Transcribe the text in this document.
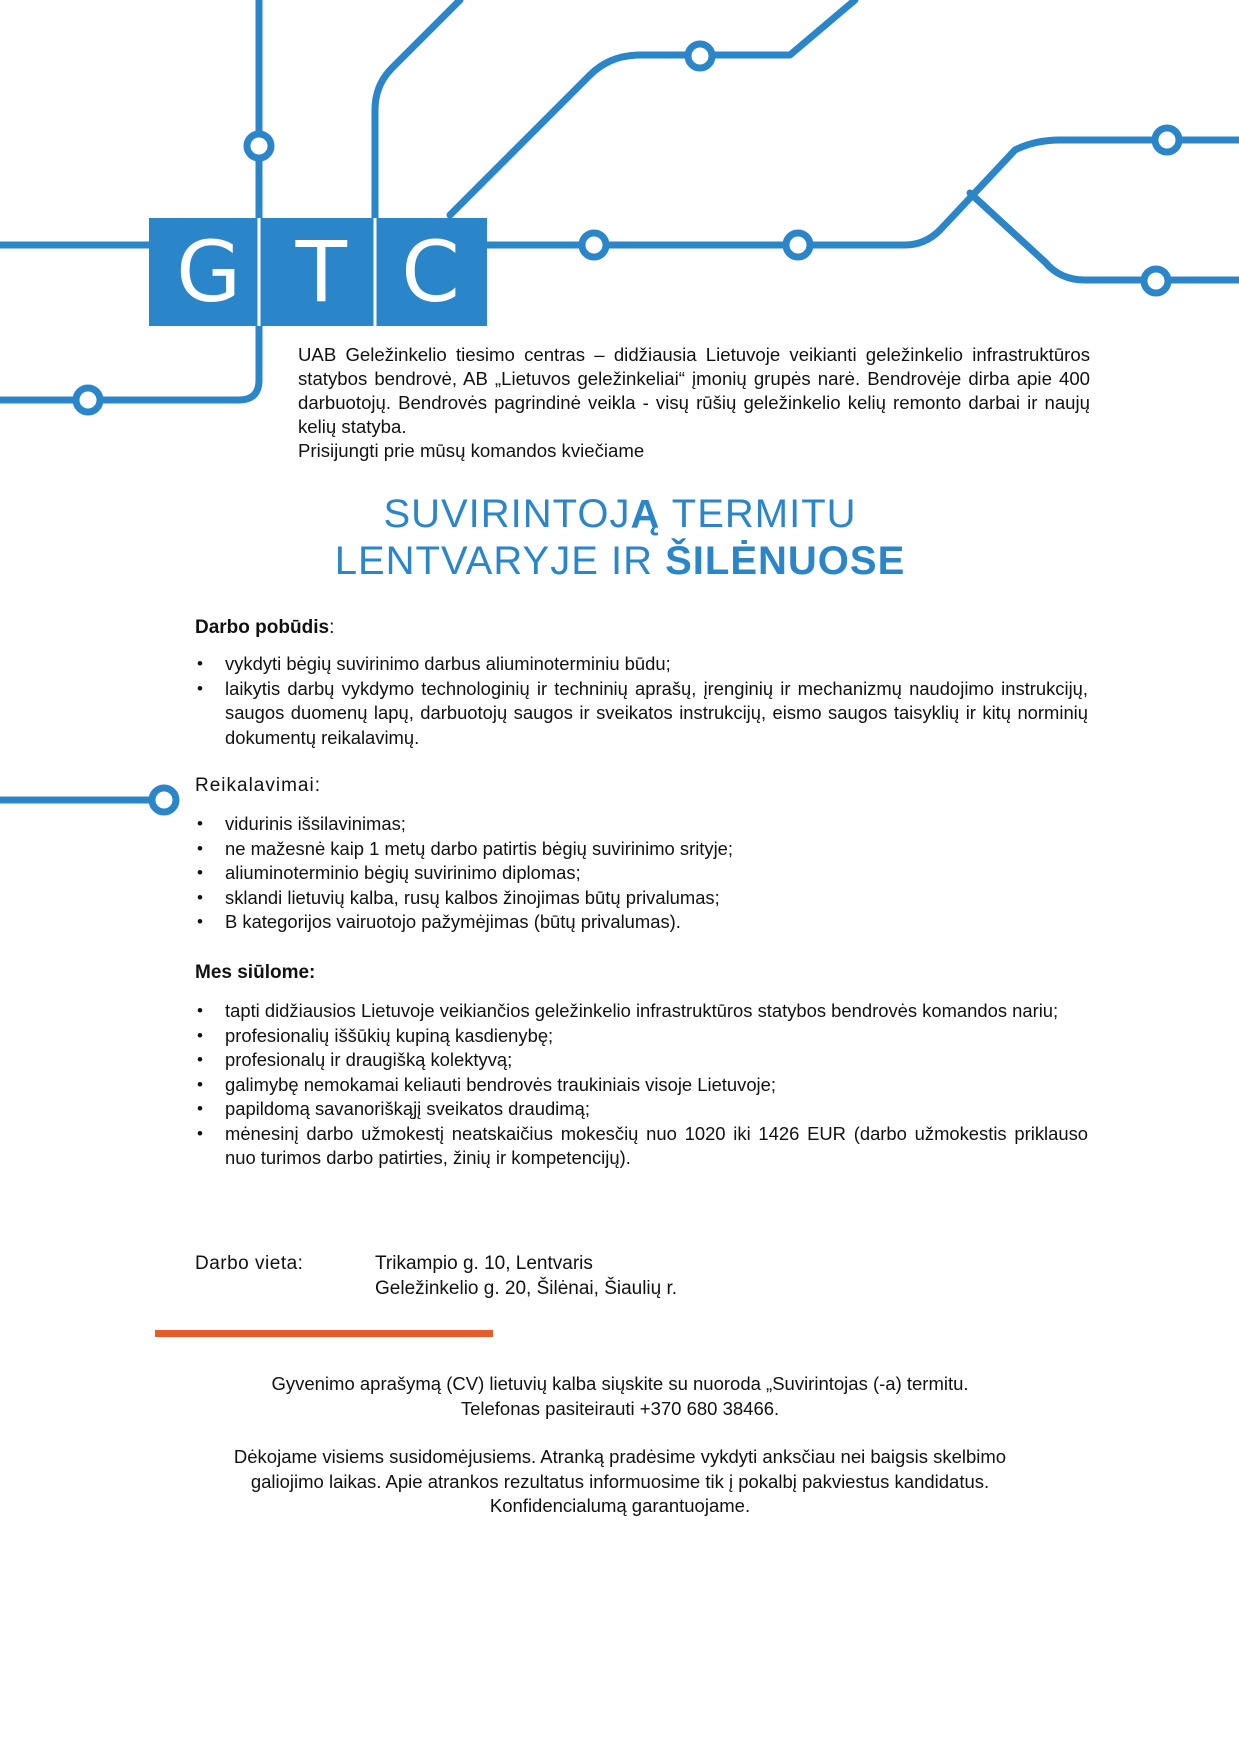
G T C

UAB Geležinkelio tiesimo centras – didžiausia Lietuvoje veikianti geležinkelio infrastruktūros statybos bendrovė, AB „Lietuvos geležinkeliai“ įmonių grupės narė. Bendrovėje dirba apie 400 darbuotojų. Bendrovės pagrindinė veikla - visų rūšių geležinkelio kelių remonto darbai ir naujų kelių statyba.

Prisijungti prie mūsų komandos kviečiame

SUVIRINTOJĄ TERMITU
LENTVARYJE IR ŠILĖNUOSE
Darbo pobūdis:
• vykdyti bėgių suvirinimo darbus aliuminoterminiu būdu;
• laikytis darbų vykdymo technologinių ir techninių aprašų, įrenginių ir mechanizmų naudojimo instrukcijų, saugos duomenų lapų, darbuotojų saugos ir sveikatos instrukcijų, eismo saugos taisyklių ir kitų norminių dokumentų reikalavimų.
Reikalavimai:
• vidurinis išsilavinimas;
• ne mažesnė kaip 1 metų darbo patirtis bėgių suvirinimo srityje;
• aliuminoterminio bėgių suvirinimo diplomas;
• sklandi lietuvių kalba, rusų kalbos žinojimas būtų privalumas;
• B kategorijos vairuotojo pažymėjimas (būtų privalumas).
Mes siūlome:
• tapti didžiausios Lietuvoje veikiančios geležinkelio infrastruktūros statybos bendrovės komandos nariu;
• profesionalių iššūkių kupiną kasdienybę;
• profesionalų ir draugišką kolektyvą;
• galimybę nemokamai keliauti bendrovės traukiniais visoje Lietuvoje;
• papildomą savanoriškąjį sveikatos draudimą;
• mėnesinį darbo užmokestį neatskaičius mokesčių nuo 1020 iki 1426 EUR (darbo užmokestis priklauso nuo turimos darbo patirties, žinių ir kompetencijų).
Darbo vieta:	Trikampio g. 10, Lentvaris
Geležinkelio g. 20, Šilėnai, Šiaulių r.

Gyvenimo aprašymą (CV) lietuvių kalba siųskite su nuoroda „Suvirintojas (-a) termitu.

Telefonas pasiteirauti +370 680 38466.

Dėkojame visiems susidomėjusiems. Atranką pradėsime vykdyti anksčiau nei baigsis skelbimo

galiojimo laikas. Apie atrankos rezultatus informuosime tik į pokalbį pakviestus kandidatus.

Konfidencialumą garantuojame.
